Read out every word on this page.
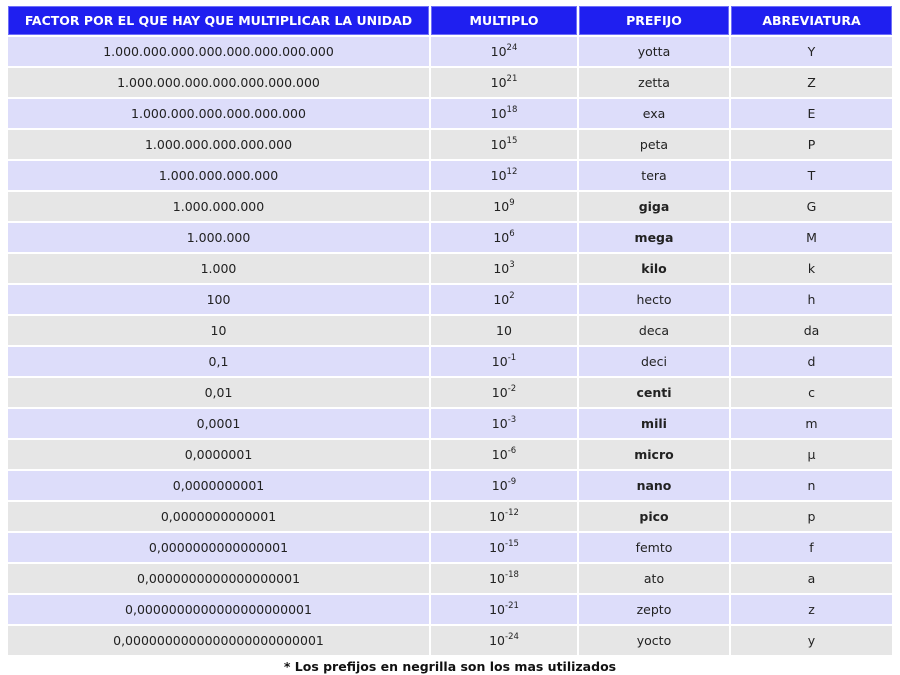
FACTOR POR EL QUE HAY QUE MULTIPLICAR LA UNIDAD	MULTIPLO	PREFIJO	ABREVIATURA
1.000.000.000.000.000.000.000.000	$10^{24}$	yotta	Y
1.000.000.000.000.000.000.000	$10^{21}$	zetta	Z
1.000.000.000.000.000.000	$10^{18}$	exa	E
1.000.000.000.000.000	$10^{15}$	peta	P
1.000.000.000.000	$10^{12}$	tera	T
1.000.000.000	$10^9$	giga	G
1.000.000	$10^6$	mega	M
1.000	$10^3$	kilo	k
100	$10^2$	hecto	h
10	10	deca	da
0,1	$10^{-1}$	deci	d
0,01	$10^{-2}$	centi	c
0,0001	$10^{-3}$	mili	m
0,0000001	$10^{-6}$	micro	µ
0,0000000001	$10^{-9}$	nano	n
0,0000000000001	$10^{-12}$	pico	p
0,0000000000000001	$10^{-15}$	femto	f
0,0000000000000000001	$10^{-18}$	ato	a
0,0000000000000000000001	$10^{-21}$	zepto	z
0,0000000000000000000000001	$10^{-24}$	yocto	y
* Los prefijos en negrilla son los mas utilizados
